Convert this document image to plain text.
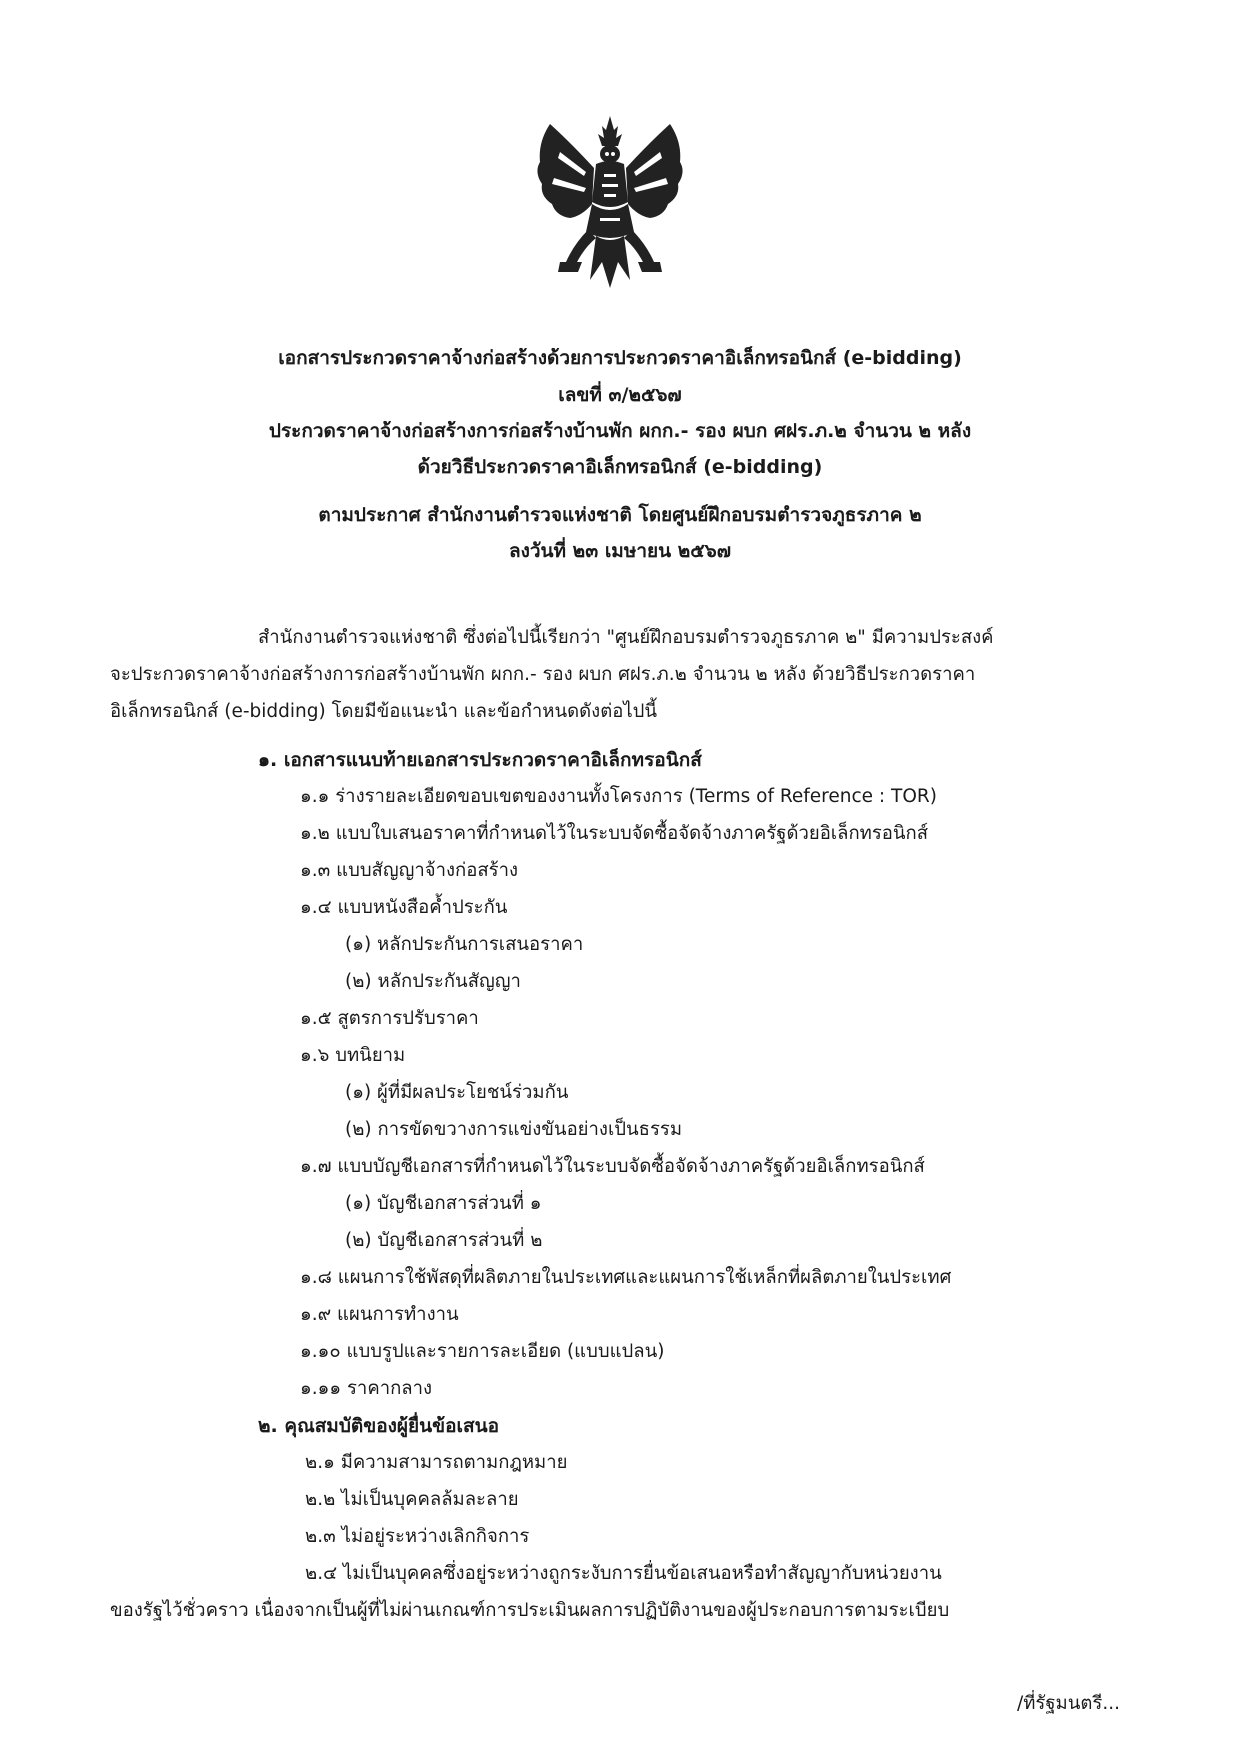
เอกสารประกวดราคาจ้างก่อสร้างด้วยการประกวดราคาอิเล็กทรอนิกส์ (e-bidding)
เลขที่ ๓/๒๕๖๗
ประกวดราคาจ้างก่อสร้างการก่อสร้างบ้านพัก ผกก.- รอง ผบก ศฝร.ภ.๒ จำนวน ๒ หลัง
ด้วยวิธีประกวดราคาอิเล็กทรอนิกส์ (e-bidding)
ตามประกาศ สำนักงานตำรวจแห่งชาติ โดยศูนย์ฝึกอบรมตำรวจภูธรภาค ๒
ลงวันที่ ๒๓ เมษายน ๒๕๖๗
สำนักงานตำรวจแห่งชาติ ซึ่งต่อไปนี้เรียกว่า "ศูนย์ฝึกอบรมตำรวจภูธรภาค ๒" มีความประสงค์
จะประกวดราคาจ้างก่อสร้างการก่อสร้างบ้านพัก ผกก.- รอง ผบก ศฝร.ภ.๒ จำนวน ๒ หลัง ด้วยวิธีประกวดราคา
อิเล็กทรอนิกส์ (e-bidding) โดยมีข้อแนะนำ และข้อกำหนดดังต่อไปนี้
๑. เอกสารแนบท้ายเอกสารประกวดราคาอิเล็กทรอนิกส์
๑.๑ ร่างรายละเอียดขอบเขตของงานทั้งโครงการ (Terms of Reference : TOR)
๑.๒ แบบใบเสนอราคาที่กำหนดไว้ในระบบจัดซื้อจัดจ้างภาครัฐด้วยอิเล็กทรอนิกส์
๑.๓ แบบสัญญาจ้างก่อสร้าง
๑.๔ แบบหนังสือค้ำประกัน
(๑) หลักประกันการเสนอราคา
(๒) หลักประกันสัญญา
๑.๕ สูตรการปรับราคา
๑.๖ บทนิยาม
(๑) ผู้ที่มีผลประโยชน์ร่วมกัน
(๒) การขัดขวางการแข่งขันอย่างเป็นธรรม
๑.๗ แบบบัญชีเอกสารที่กำหนดไว้ในระบบจัดซื้อจัดจ้างภาครัฐด้วยอิเล็กทรอนิกส์
(๑) บัญชีเอกสารส่วนที่ ๑
(๒) บัญชีเอกสารส่วนที่ ๒
๑.๘ แผนการใช้พัสดุที่ผลิตภายในประเทศและแผนการใช้เหล็กที่ผลิตภายในประเทศ
๑.๙ แผนการทำงาน
๑.๑๐ แบบรูปและรายการละเอียด (แบบแปลน)
๑.๑๑ ราคากลาง
๒. คุณสมบัติของผู้ยื่นข้อเสนอ
๒.๑ มีความสามารถตามกฎหมาย
๒.๒ ไม่เป็นบุคคลล้มละลาย
๒.๓ ไม่อยู่ระหว่างเลิกกิจการ
๒.๔ ไม่เป็นบุคคลซึ่งอยู่ระหว่างถูกระงับการยื่นข้อเสนอหรือทำสัญญากับหน่วยงาน
ของรัฐไว้ชั่วคราว เนื่องจากเป็นผู้ที่ไม่ผ่านเกณฑ์การประเมินผลการปฏิบัติงานของผู้ประกอบการตามระเบียบ
/ที่รัฐมนตรี...
